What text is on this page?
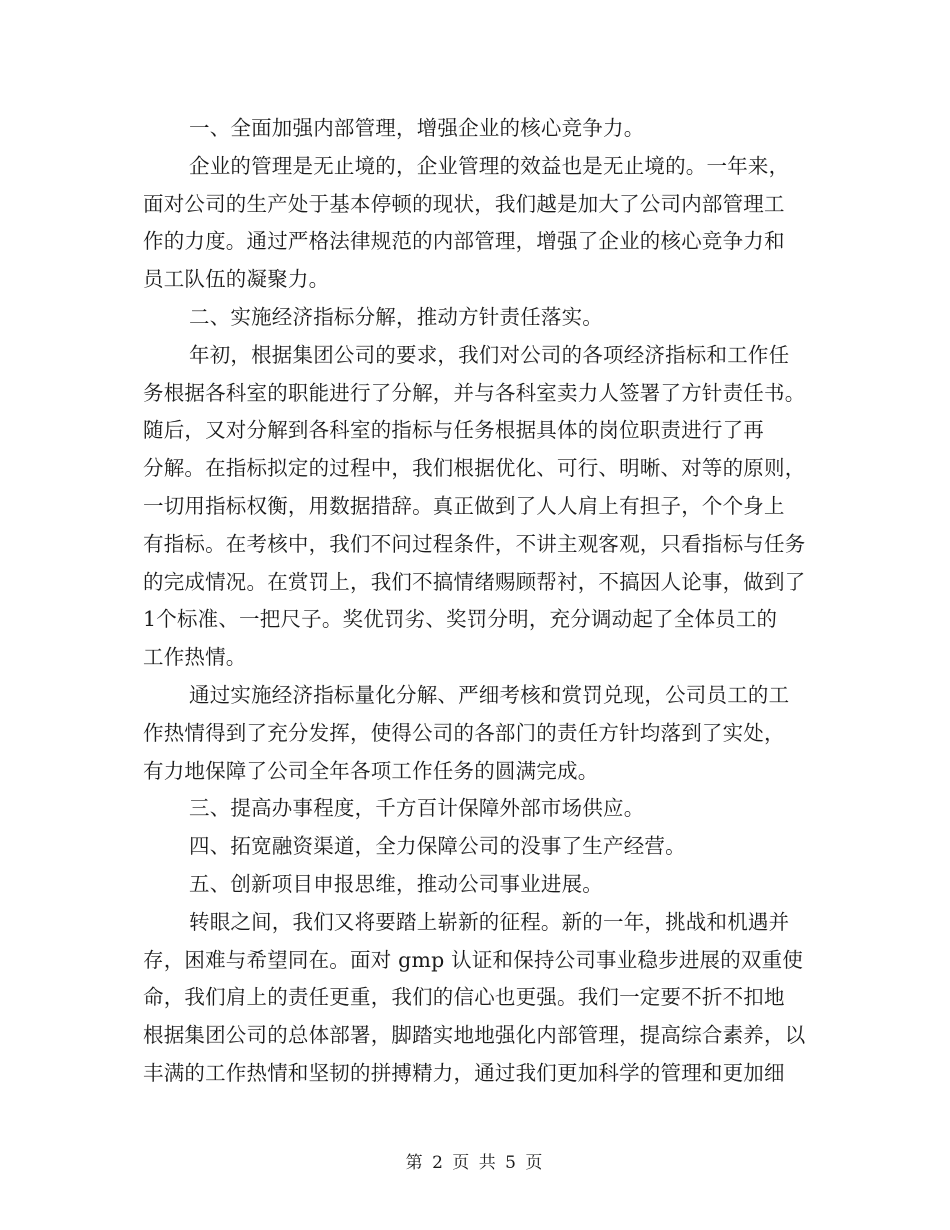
一、全面加强内部管理，增强企业的核心竞争力。
企业的管理是无止境的，企业管理的效益也是无止境的。一年来，
面对公司的生产处于基本停顿的现状，我们越是加大了公司内部管理工
作的力度。通过严格法律规范的内部管理，增强了企业的核心竞争力和
员工队伍的凝聚力。
二、实施经济指标分解，推动方针责任落实。
年初，根据集团公司的要求，我们对公司的各项经济指标和工作任
务根据各科室的职能进行了分解，并与各科室卖力人签署了方针责任书。
随后，又对分解到各科室的指标与任务根据具体的岗位职责进行了再
分解。在指标拟定的过程中，我们根据优化、可行、明晰、对等的原则，
一切用指标权衡，用数据措辞。真正做到了人人肩上有担子，个个身上
有指标。在考核中，我们不问过程条件，不讲主观客观，只看指标与任务
的完成情况。在赏罚上，我们不搞情绪赐顾帮衬，不搞因人论事，做到了
1个标准、一把尺子。奖优罚劣、奖罚分明，充分调动起了全体员工的
工作热情。
通过实施经济指标量化分解、严细考核和赏罚兑现，公司员工的工
作热情得到了充分发挥，使得公司的各部门的责任方针均落到了实处，
有力地保障了公司全年各项工作任务的圆满完成。
三、提高办事程度，千方百计保障外部市场供应。
四、拓宽融资渠道，全力保障公司的没事了生产经营。
五、创新项目申报思维，推动公司事业进展。
转眼之间，我们又将要踏上崭新的征程。新的一年，挑战和机遇并
存，困难与希望同在。面对 gmp 认证和保持公司事业稳步进展的双重使
命，我们肩上的责任更重，我们的信心也更强。我们一定要不折不扣地
根据集团公司的总体部署，脚踏实地地强化内部管理，提高综合素养，以
丰满的工作热情和坚韧的拼搏精力，通过我们更加科学的管理和更加细
第 2 页 共 5 页
